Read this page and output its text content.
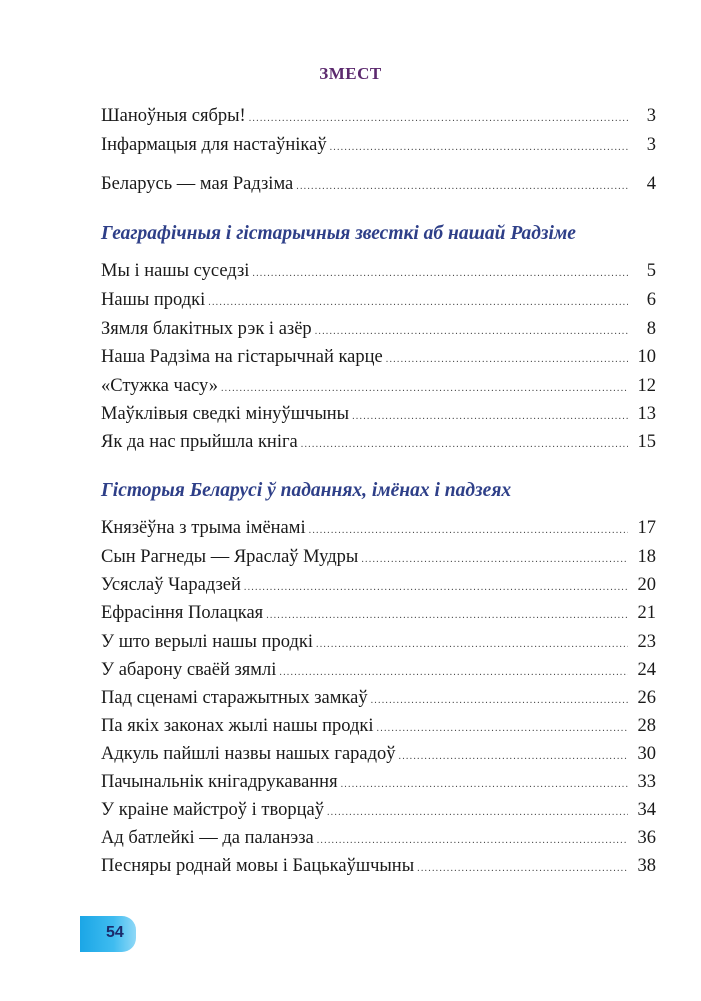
ЗМЕСТ
Шаноўныя сябры! .....	3
Інфармацыя для настаўнікаў .....	3
Беларусь — мая Радзіма .....	4
Геаграфічныя і гістарычныя звесткі аб нашай Радзіме
Мы і нашы суседзі .....	5
Нашы продкі .....	6
Зямля блакітных рэк і азёр .....	8
Наша Радзіма на гістарычнай карце .....	10
«Стужка часу» .....	12
Маўклівыя сведкі мінуўшчыны .....	13
Як да нас прыйшла кніга .....	15
Гісторыя Беларусі ў паданнях, імёнах і падзеях
Князёўна з трыма імёнамі .....	17
Сын Рагнеды — Яраслаў Мудры .....	18
Усяслаў Чарадзей .....	20
Ефрасіння Полацкая .....	21
У што верылі нашы продкі .....	23
У абарону сваёй зямлі .....	24
Пад сценамі старажытных замкаў .....	26
Па якіх законах жылі нашы продкі .....	28
Адкуль пайшлі назвы нашых гарадоў .....	30
Пачынальнік кнігадрукавання .....	33
У краіне майстроў і творцаў .....	34
Ад батлейкі — да паланэза .....	36
Песняры роднай мовы і Бацькаўшчыны .....	38
54
